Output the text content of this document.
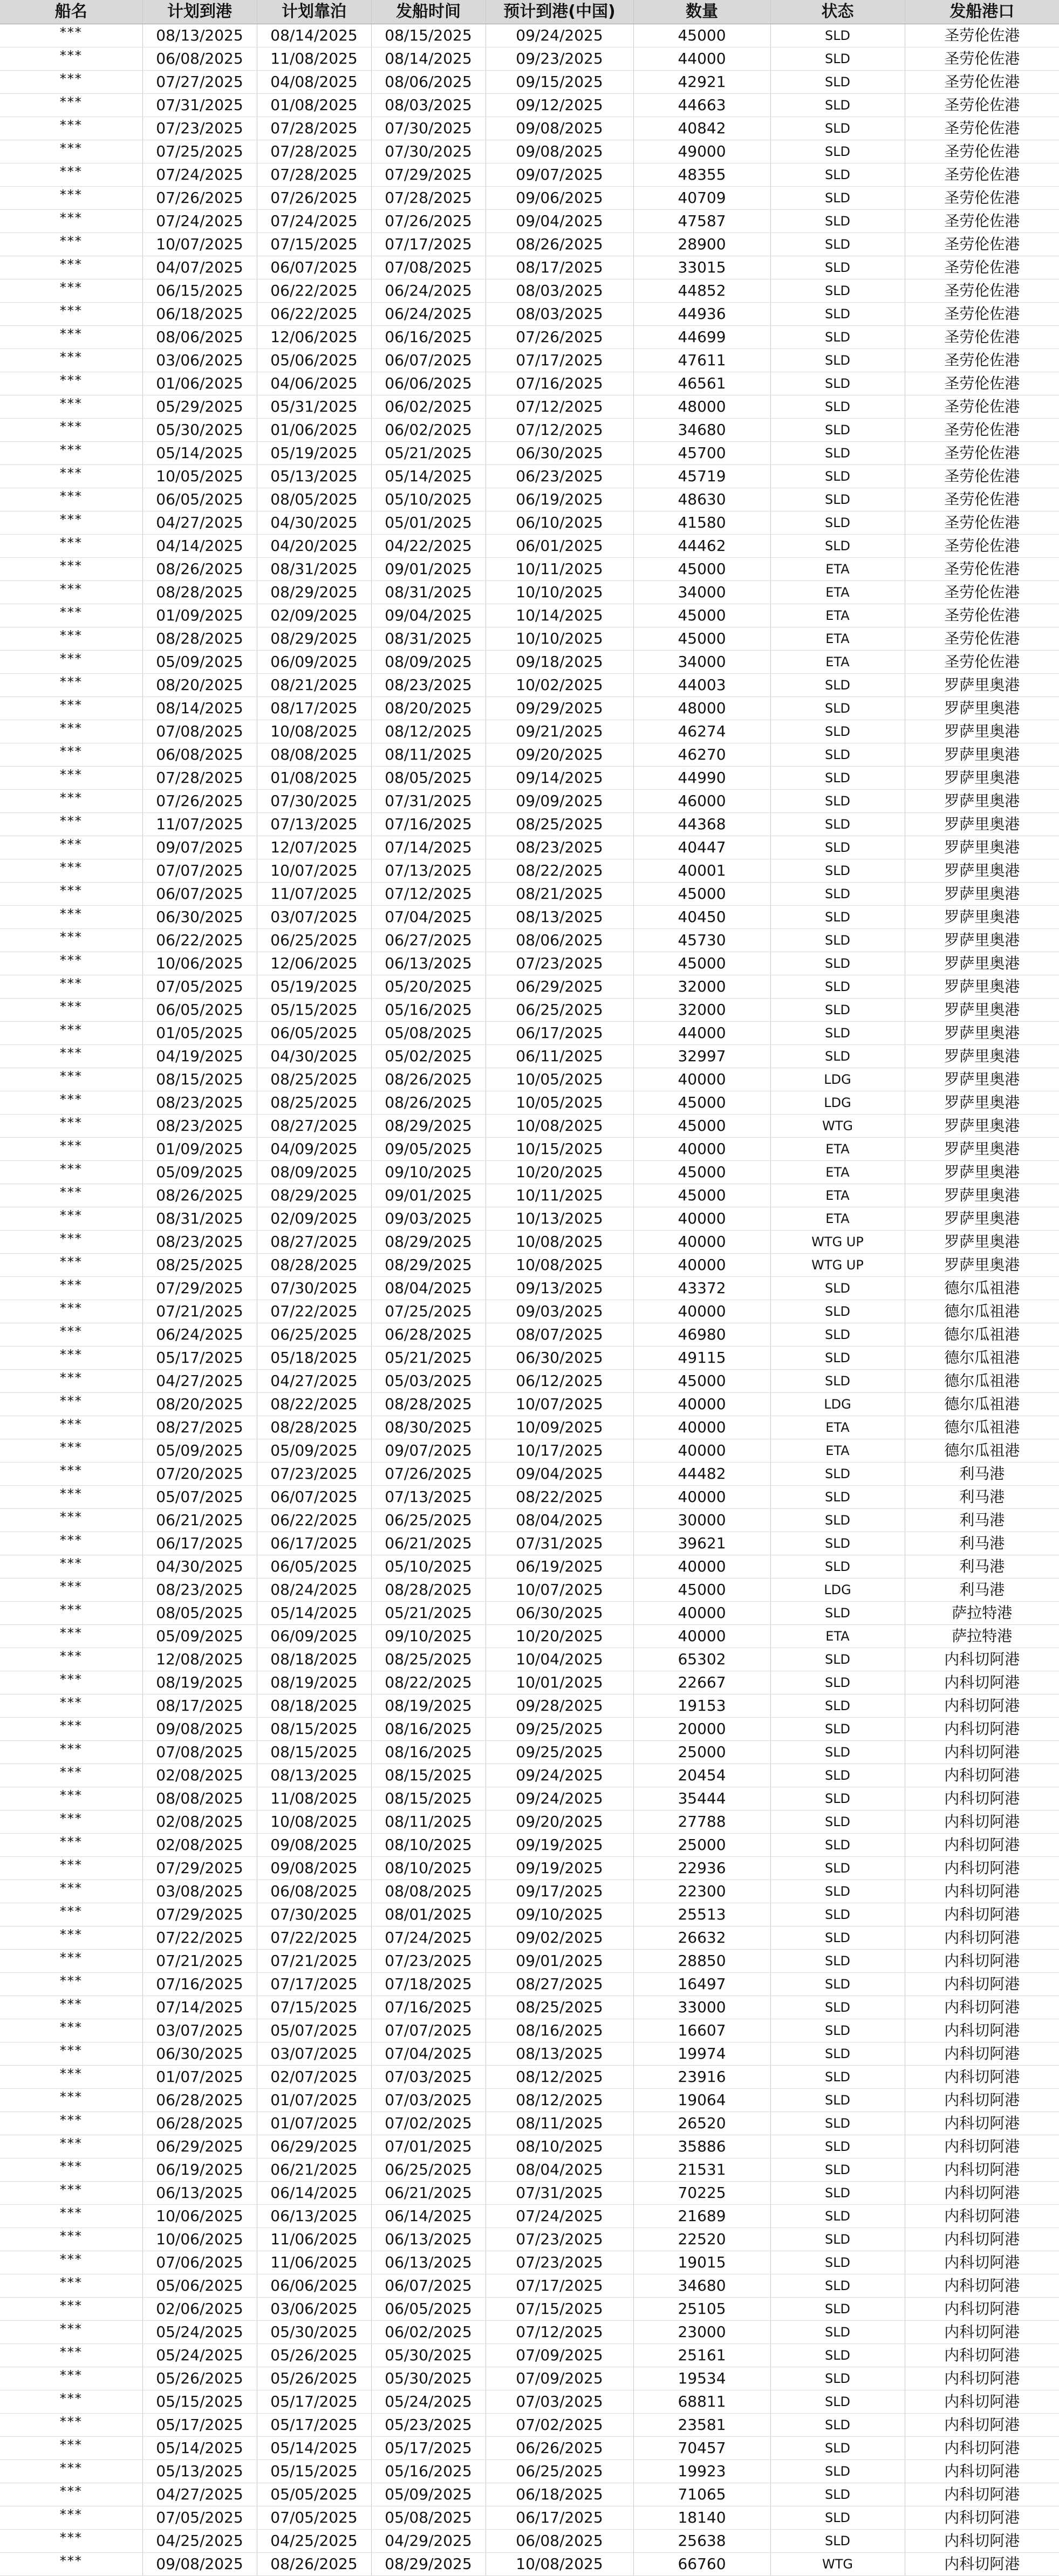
船名	计划到港	计划靠泊	发船时间	预计到港(中国)	数量	状态	发船港口
***	08/13/2025	08/14/2025	08/15/2025	09/24/2025	45000	SLD	圣劳伦佐港
***	06/08/2025	11/08/2025	08/14/2025	09/23/2025	44000	SLD	圣劳伦佐港
***	07/27/2025	04/08/2025	08/06/2025	09/15/2025	42921	SLD	圣劳伦佐港
***	07/31/2025	01/08/2025	08/03/2025	09/12/2025	44663	SLD	圣劳伦佐港
***	07/23/2025	07/28/2025	07/30/2025	09/08/2025	40842	SLD	圣劳伦佐港
***	07/25/2025	07/28/2025	07/30/2025	09/08/2025	49000	SLD	圣劳伦佐港
***	07/24/2025	07/28/2025	07/29/2025	09/07/2025	48355	SLD	圣劳伦佐港
***	07/26/2025	07/26/2025	07/28/2025	09/06/2025	40709	SLD	圣劳伦佐港
***	07/24/2025	07/24/2025	07/26/2025	09/04/2025	47587	SLD	圣劳伦佐港
***	10/07/2025	07/15/2025	07/17/2025	08/26/2025	28900	SLD	圣劳伦佐港
***	04/07/2025	06/07/2025	07/08/2025	08/17/2025	33015	SLD	圣劳伦佐港
***	06/15/2025	06/22/2025	06/24/2025	08/03/2025	44852	SLD	圣劳伦佐港
***	06/18/2025	06/22/2025	06/24/2025	08/03/2025	44936	SLD	圣劳伦佐港
***	08/06/2025	12/06/2025	06/16/2025	07/26/2025	44699	SLD	圣劳伦佐港
***	03/06/2025	05/06/2025	06/07/2025	07/17/2025	47611	SLD	圣劳伦佐港
***	01/06/2025	04/06/2025	06/06/2025	07/16/2025	46561	SLD	圣劳伦佐港
***	05/29/2025	05/31/2025	06/02/2025	07/12/2025	48000	SLD	圣劳伦佐港
***	05/30/2025	01/06/2025	06/02/2025	07/12/2025	34680	SLD	圣劳伦佐港
***	05/14/2025	05/19/2025	05/21/2025	06/30/2025	45700	SLD	圣劳伦佐港
***	10/05/2025	05/13/2025	05/14/2025	06/23/2025	45719	SLD	圣劳伦佐港
***	06/05/2025	08/05/2025	05/10/2025	06/19/2025	48630	SLD	圣劳伦佐港
***	04/27/2025	04/30/2025	05/01/2025	06/10/2025	41580	SLD	圣劳伦佐港
***	04/14/2025	04/20/2025	04/22/2025	06/01/2025	44462	SLD	圣劳伦佐港
***	08/26/2025	08/31/2025	09/01/2025	10/11/2025	45000	ETA	圣劳伦佐港
***	08/28/2025	08/29/2025	08/31/2025	10/10/2025	34000	ETA	圣劳伦佐港
***	01/09/2025	02/09/2025	09/04/2025	10/14/2025	45000	ETA	圣劳伦佐港
***	08/28/2025	08/29/2025	08/31/2025	10/10/2025	45000	ETA	圣劳伦佐港
***	05/09/2025	06/09/2025	08/09/2025	09/18/2025	34000	ETA	圣劳伦佐港
***	08/20/2025	08/21/2025	08/23/2025	10/02/2025	44003	SLD	罗萨里奥港
***	08/14/2025	08/17/2025	08/20/2025	09/29/2025	48000	SLD	罗萨里奥港
***	07/08/2025	10/08/2025	08/12/2025	09/21/2025	46274	SLD	罗萨里奥港
***	06/08/2025	08/08/2025	08/11/2025	09/20/2025	46270	SLD	罗萨里奥港
***	07/28/2025	01/08/2025	08/05/2025	09/14/2025	44990	SLD	罗萨里奥港
***	07/26/2025	07/30/2025	07/31/2025	09/09/2025	46000	SLD	罗萨里奥港
***	11/07/2025	07/13/2025	07/16/2025	08/25/2025	44368	SLD	罗萨里奥港
***	09/07/2025	12/07/2025	07/14/2025	08/23/2025	40447	SLD	罗萨里奥港
***	07/07/2025	10/07/2025	07/13/2025	08/22/2025	40001	SLD	罗萨里奥港
***	06/07/2025	11/07/2025	07/12/2025	08/21/2025	45000	SLD	罗萨里奥港
***	06/30/2025	03/07/2025	07/04/2025	08/13/2025	40450	SLD	罗萨里奥港
***	06/22/2025	06/25/2025	06/27/2025	08/06/2025	45730	SLD	罗萨里奥港
***	10/06/2025	12/06/2025	06/13/2025	07/23/2025	45000	SLD	罗萨里奥港
***	07/05/2025	05/19/2025	05/20/2025	06/29/2025	32000	SLD	罗萨里奥港
***	06/05/2025	05/15/2025	05/16/2025	06/25/2025	32000	SLD	罗萨里奥港
***	01/05/2025	06/05/2025	05/08/2025	06/17/2025	44000	SLD	罗萨里奥港
***	04/19/2025	04/30/2025	05/02/2025	06/11/2025	32997	SLD	罗萨里奥港
***	08/15/2025	08/25/2025	08/26/2025	10/05/2025	40000	LDG	罗萨里奥港
***	08/23/2025	08/25/2025	08/26/2025	10/05/2025	45000	LDG	罗萨里奥港
***	08/23/2025	08/27/2025	08/29/2025	10/08/2025	45000	WTG	罗萨里奥港
***	01/09/2025	04/09/2025	09/05/2025	10/15/2025	40000	ETA	罗萨里奥港
***	05/09/2025	08/09/2025	09/10/2025	10/20/2025	45000	ETA	罗萨里奥港
***	08/26/2025	08/29/2025	09/01/2025	10/11/2025	45000	ETA	罗萨里奥港
***	08/31/2025	02/09/2025	09/03/2025	10/13/2025	40000	ETA	罗萨里奥港
***	08/23/2025	08/27/2025	08/29/2025	10/08/2025	40000	WTG UP	罗萨里奥港
***	08/25/2025	08/28/2025	08/29/2025	10/08/2025	40000	WTG UP	罗萨里奥港
***	07/29/2025	07/30/2025	08/04/2025	09/13/2025	43372	SLD	德尔瓜祖港
***	07/21/2025	07/22/2025	07/25/2025	09/03/2025	40000	SLD	德尔瓜祖港
***	06/24/2025	06/25/2025	06/28/2025	08/07/2025	46980	SLD	德尔瓜祖港
***	05/17/2025	05/18/2025	05/21/2025	06/30/2025	49115	SLD	德尔瓜祖港
***	04/27/2025	04/27/2025	05/03/2025	06/12/2025	45000	SLD	德尔瓜祖港
***	08/20/2025	08/22/2025	08/28/2025	10/07/2025	40000	LDG	德尔瓜祖港
***	08/27/2025	08/28/2025	08/30/2025	10/09/2025	40000	ETA	德尔瓜祖港
***	05/09/2025	05/09/2025	09/07/2025	10/17/2025	40000	ETA	德尔瓜祖港
***	07/20/2025	07/23/2025	07/26/2025	09/04/2025	44482	SLD	利马港
***	05/07/2025	06/07/2025	07/13/2025	08/22/2025	40000	SLD	利马港
***	06/21/2025	06/22/2025	06/25/2025	08/04/2025	30000	SLD	利马港
***	06/17/2025	06/17/2025	06/21/2025	07/31/2025	39621	SLD	利马港
***	04/30/2025	06/05/2025	05/10/2025	06/19/2025	40000	SLD	利马港
***	08/23/2025	08/24/2025	08/28/2025	10/07/2025	45000	LDG	利马港
***	08/05/2025	05/14/2025	05/21/2025	06/30/2025	40000	SLD	萨拉特港
***	05/09/2025	06/09/2025	09/10/2025	10/20/2025	40000	ETA	萨拉特港
***	12/08/2025	08/18/2025	08/25/2025	10/04/2025	65302	SLD	内科切阿港
***	08/19/2025	08/19/2025	08/22/2025	10/01/2025	22667	SLD	内科切阿港
***	08/17/2025	08/18/2025	08/19/2025	09/28/2025	19153	SLD	内科切阿港
***	09/08/2025	08/15/2025	08/16/2025	09/25/2025	20000	SLD	内科切阿港
***	07/08/2025	08/15/2025	08/16/2025	09/25/2025	25000	SLD	内科切阿港
***	02/08/2025	08/13/2025	08/15/2025	09/24/2025	20454	SLD	内科切阿港
***	08/08/2025	11/08/2025	08/15/2025	09/24/2025	35444	SLD	内科切阿港
***	02/08/2025	10/08/2025	08/11/2025	09/20/2025	27788	SLD	内科切阿港
***	02/08/2025	09/08/2025	08/10/2025	09/19/2025	25000	SLD	内科切阿港
***	07/29/2025	09/08/2025	08/10/2025	09/19/2025	22936	SLD	内科切阿港
***	03/08/2025	06/08/2025	08/08/2025	09/17/2025	22300	SLD	内科切阿港
***	07/29/2025	07/30/2025	08/01/2025	09/10/2025	25513	SLD	内科切阿港
***	07/22/2025	07/22/2025	07/24/2025	09/02/2025	26632	SLD	内科切阿港
***	07/21/2025	07/21/2025	07/23/2025	09/01/2025	28850	SLD	内科切阿港
***	07/16/2025	07/17/2025	07/18/2025	08/27/2025	16497	SLD	内科切阿港
***	07/14/2025	07/15/2025	07/16/2025	08/25/2025	33000	SLD	内科切阿港
***	03/07/2025	05/07/2025	07/07/2025	08/16/2025	16607	SLD	内科切阿港
***	06/30/2025	03/07/2025	07/04/2025	08/13/2025	19974	SLD	内科切阿港
***	01/07/2025	02/07/2025	07/03/2025	08/12/2025	23916	SLD	内科切阿港
***	06/28/2025	01/07/2025	07/03/2025	08/12/2025	19064	SLD	内科切阿港
***	06/28/2025	01/07/2025	07/02/2025	08/11/2025	26520	SLD	内科切阿港
***	06/29/2025	06/29/2025	07/01/2025	08/10/2025	35886	SLD	内科切阿港
***	06/19/2025	06/21/2025	06/25/2025	08/04/2025	21531	SLD	内科切阿港
***	06/13/2025	06/14/2025	06/21/2025	07/31/2025	70225	SLD	内科切阿港
***	10/06/2025	06/13/2025	06/14/2025	07/24/2025	21689	SLD	内科切阿港
***	10/06/2025	11/06/2025	06/13/2025	07/23/2025	22520	SLD	内科切阿港
***	07/06/2025	11/06/2025	06/13/2025	07/23/2025	19015	SLD	内科切阿港
***	05/06/2025	06/06/2025	06/07/2025	07/17/2025	34680	SLD	内科切阿港
***	02/06/2025	03/06/2025	06/05/2025	07/15/2025	25105	SLD	内科切阿港
***	05/24/2025	05/30/2025	06/02/2025	07/12/2025	23000	SLD	内科切阿港
***	05/24/2025	05/26/2025	05/30/2025	07/09/2025	25161	SLD	内科切阿港
***	05/26/2025	05/26/2025	05/30/2025	07/09/2025	19534	SLD	内科切阿港
***	05/15/2025	05/17/2025	05/24/2025	07/03/2025	68811	SLD	内科切阿港
***	05/17/2025	05/17/2025	05/23/2025	07/02/2025	23581	SLD	内科切阿港
***	05/14/2025	05/14/2025	05/17/2025	06/26/2025	70457	SLD	内科切阿港
***	05/13/2025	05/15/2025	05/16/2025	06/25/2025	19923	SLD	内科切阿港
***	04/27/2025	05/05/2025	05/09/2025	06/18/2025	71065	SLD	内科切阿港
***	07/05/2025	07/05/2025	05/08/2025	06/17/2025	18140	SLD	内科切阿港
***	04/25/2025	04/25/2025	04/29/2025	06/08/2025	25638	SLD	内科切阿港
***	09/08/2025	08/26/2025	08/29/2025	10/08/2025	66760	WTG	内科切阿港
